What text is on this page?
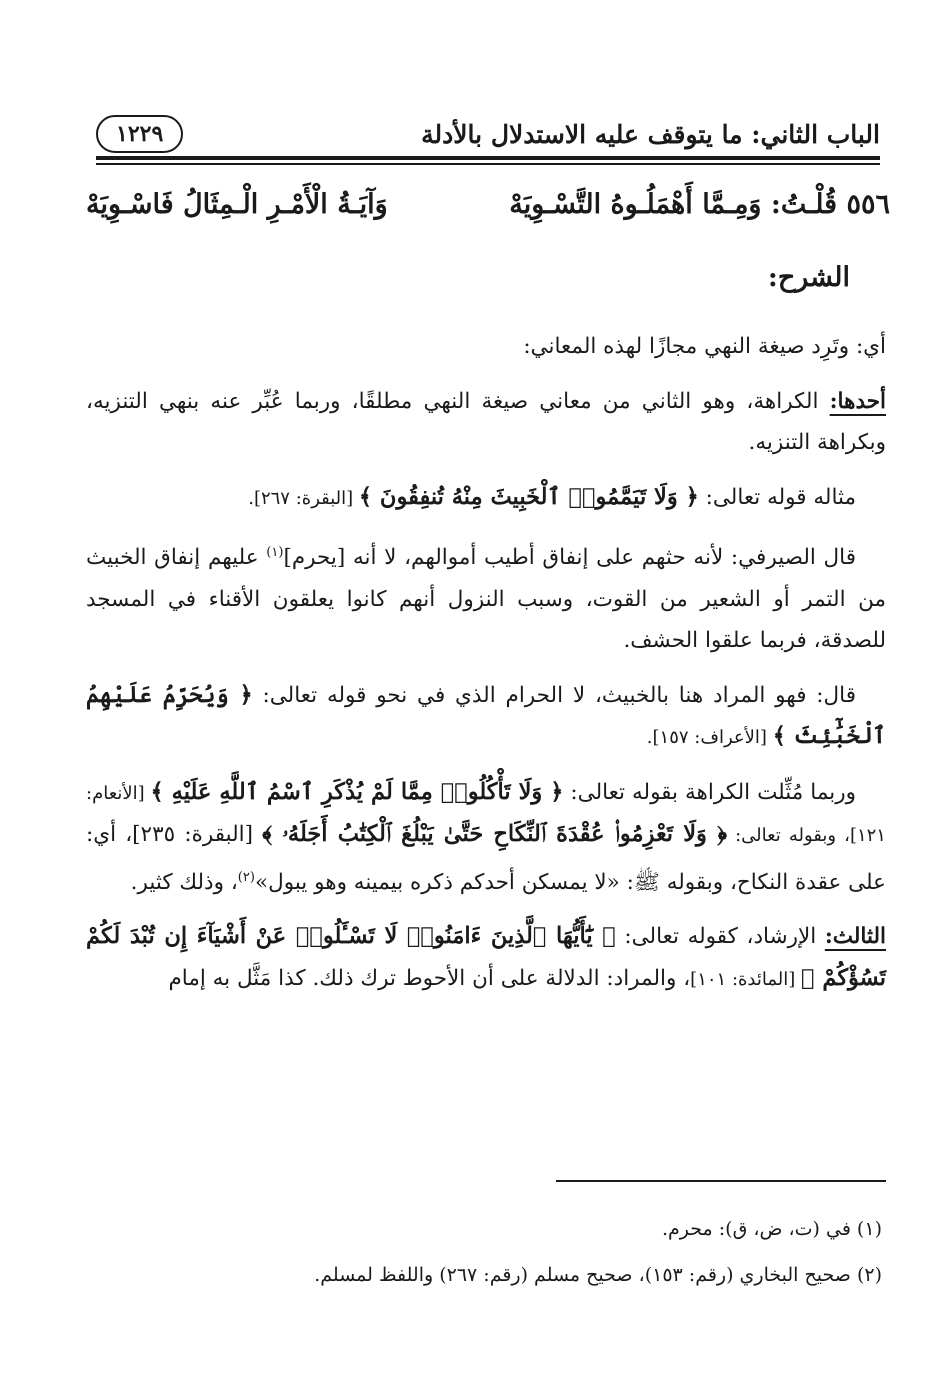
الباب الثاني: ما يتوقف عليه الاستدلال بالأدلة
١٢٢٩
٥٥٦ قُلْـتُ: وَمِـمَّا أَهْمَلُـوهُ التَّسْـوِيَهْ
وَآيَـةُ الْأَمْـرِ الْـمِثَالُ فَاسْـوِيَهْ
الشرح:

أي: وتَرِد صيغة النهي مجازًا لهذه المعاني:

أحدها: الكراهة، وهو الثاني من معاني صيغة النهي مطلقًا، وربما عُبِّر عنه بنهي التنزيه، وبكراهة التنزيه.

مثاله قوله تعالى: ﴿ وَلَا تَيَمَّمُوا۟ ٱلْخَبِيثَ مِنْهُ تُنفِقُونَ ﴾ [البقرة: ٢٦٧].

قال الصيرفي: لأنه حثهم على إنفاق أطيب أموالهم، لا أنه [يحرم]$^{(١)}$ عليهم إنفاق الخبيث من التمر أو الشعير من القوت، وسبب النزول أنهم كانوا يعلقون الأقناء في المسجد للصدقة، فربما علقوا الحشف.

قال: فهو المراد هنا بالخبيث، لا الحرام الذي في نحو قوله تعالى: ﴿ وَيُحَرِّمُ عَلَيْهِمُ ٱلْخَبَٰٓئِثَ ﴾ [الأعراف: ١٥٧].

وربما مُثِّلت الكراهة بقوله تعالى: ﴿ وَلَا تَأْكُلُوا۟ مِمَّا لَمْ يُذْكَرِ ٱسْمُ ٱللَّهِ عَلَيْهِ ﴾ [الأنعام: ١٢١]، وبقوله تعالى: ﴿ وَلَا تَعْزِمُوا۟ عُقْدَةَ ٱلنِّكَاحِ حَتَّىٰ يَبْلُغَ ٱلْكِتَٰبُ أَجَلَهُۥ ﴾ [البقرة: ٢٣٥]، أي: على عقدة النكاح، وبقوله ﷺ: «لا يمسكن أحدكم ذكره بيمينه وهو يبول»$^{(٢)}$، وذلك كثير.

الثالث: الإرشاد، كقوله تعالى: ﴿ يَٰٓأَيُّهَا ٱلَّذِينَ ءَامَنُوا۟ لَا تَسْـَٔلُوا۟ عَنْ أَشْيَآءَ إِن تُبْدَ لَكُمْ تَسُؤْكُمْ ﴾ [المائدة: ١٠١]، والمراد: الدلالة على أن الأحوط ترك ذلك. كذا مَثَّل به إمام

(١) في (ت، ض، ق): محرم.
(٢) صحيح البخاري (رقم: ١٥٣)، صحيح مسلم (رقم: ٢٦٧) واللفظ لمسلم.
